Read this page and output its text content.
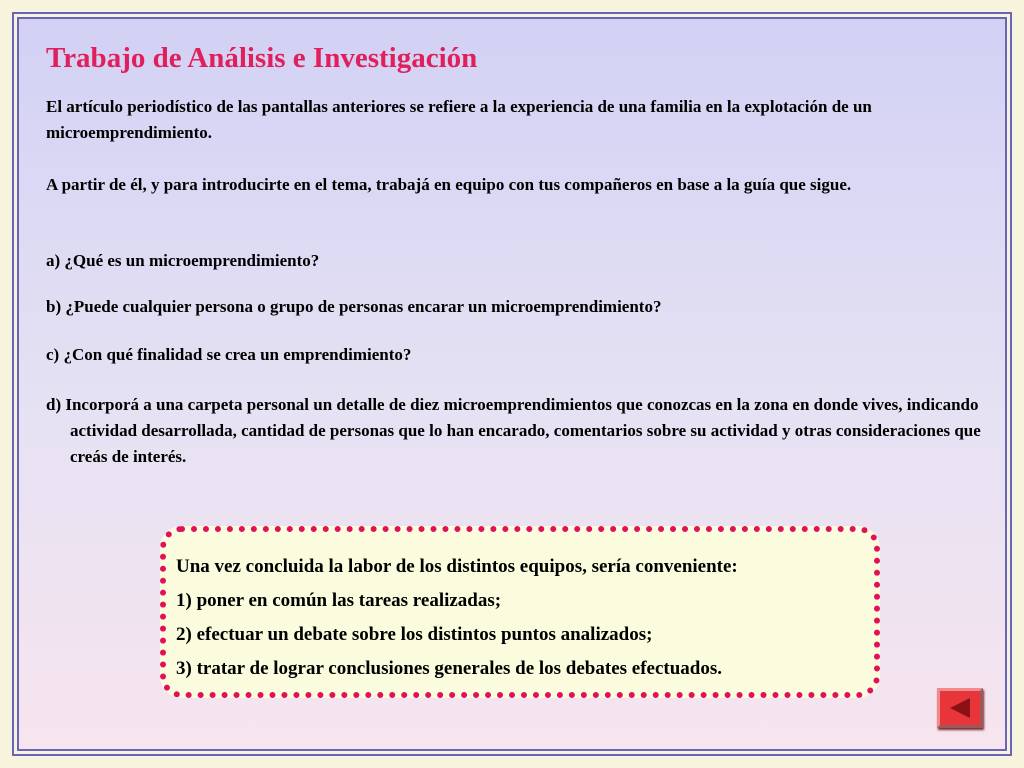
Trabajo de Análisis e Investigación
El artículo periodístico de las pantallas anteriores se refiere a la experiencia de una familia en la explotación de un microemprendimiento.
A partir de él, y para introducirte en el tema, trabajá en equipo con tus compañeros en base a la guía que sigue.
a) ¿Qué es un microemprendimiento?
b) ¿Puede cualquier persona o grupo de personas encarar un microemprendimiento?
c) ¿Con qué finalidad se crea un emprendimiento?
d) Incorporá a una carpeta personal un detalle de diez microemprendimientos que conozcas en la zona en donde vives, indicando actividad desarrollada, cantidad de personas que lo han encarado, comentarios sobre su actividad y otras consideraciones que creás de interés.
Una vez concluida la labor de los distintos equipos, sería conveniente:
1) poner en común las tareas realizadas;
2) efectuar un debate sobre los distintos puntos analizados;
3) tratar de lograr conclusiones generales de los debates efectuados.
